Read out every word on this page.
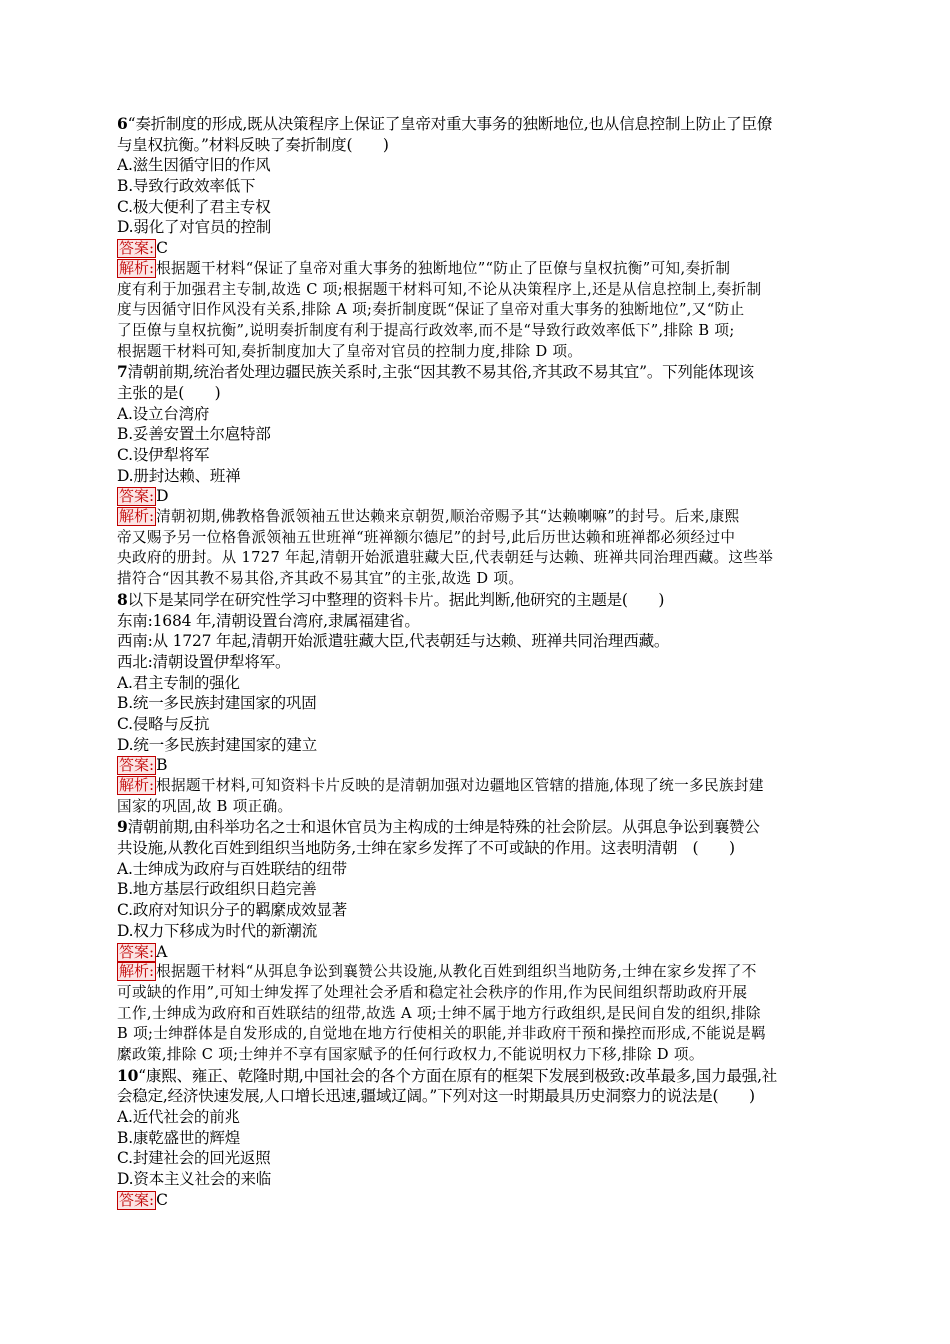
6“奏折制度的形成,既从决策程序上保证了皇帝对重大事务的独断地位,也从信息控制上防止了臣僚
与皇权抗衡。”材料反映了奏折制度(　　)
A.滋生因循守旧的作风
B.导致行政效率低下
C.极大便利了君主专权
D.弱化了对官员的控制
答案: C
解析: 根据题干材料“保证了皇帝对重大事务的独断地位”“防止了臣僚与皇权抗衡”可知,奏折制
度有利于加强君主专制,故选 C 项;根据题干材料可知,不论从决策程序上,还是从信息控制上,奏折制
度与因循守旧作风没有关系,排除 A 项;奏折制度既“保证了皇帝对重大事务的独断地位”,又“防止
了臣僚与皇权抗衡”,说明奏折制度有利于提高行政效率,而不是“导致行政效率低下”,排除 B 项;
根据题干材料可知,奏折制度加大了皇帝对官员的控制力度,排除 D 项。
7清朝前期,统治者处理边疆民族关系时,主张“因其教不易其俗,齐其政不易其宜”。下列能体现该
主张的是(　　)
A.设立台湾府
B.妥善安置土尔扈特部
C.设伊犁将军
D.册封达赖、班禅
答案: D
解析: 清朝初期,佛教格鲁派领袖五世达赖来京朝贺,顺治帝赐予其“达赖喇嘛”的封号。后来,康熙
帝又赐予另一位格鲁派领袖五世班禅“班禅额尔德尼”的封号,此后历世达赖和班禅都必须经过中
央政府的册封。从 1727 年起,清朝开始派遣驻藏大臣,代表朝廷与达赖、班禅共同治理西藏。这些举
措符合“因其教不易其俗,齐其政不易其宜”的主张,故选 D 项。
8以下是某同学在研究性学习中整理的资料卡片。据此判断,他研究的主题是(　　)
东南:1684 年,清朝设置台湾府,隶属福建省。
西南:从 1727 年起,清朝开始派遣驻藏大臣,代表朝廷与达赖、班禅共同治理西藏。
西北:清朝设置伊犁将军。
A.君主专制的强化
B.统一多民族封建国家的巩固
C.侵略与反抗
D.统一多民族封建国家的建立
答案: B
解析: 根据题干材料,可知资料卡片反映的是清朝加强对边疆地区管辖的措施,体现了统一多民族封建
国家的巩固,故 B 项正确。
9清朝前期,由科举功名之士和退休官员为主构成的士绅是特殊的社会阶层。从弭息争讼到襄赞公
共设施,从教化百姓到组织当地防务,士绅在家乡发挥了不可或缺的作用。这表明清朝　(　　)
A.士绅成为政府与百姓联结的纽带
B.地方基层行政组织日趋完善
C.政府对知识分子的羁縻成效显著
D.权力下移成为时代的新潮流
答案: A
解析: 根据题干材料“从弭息争讼到襄赞公共设施,从教化百姓到组织当地防务,士绅在家乡发挥了不
可或缺的作用”,可知士绅发挥了处理社会矛盾和稳定社会秩序的作用,作为民间组织帮助政府开展
工作,士绅成为政府和百姓联结的纽带,故选 A 项;士绅不属于地方行政组织,是民间自发的组织,排除
B 项;士绅群体是自发形成的,自觉地在地方行使相关的职能,并非政府干预和操控而形成,不能说是羁
縻政策,排除 C 项;士绅并不享有国家赋予的任何行政权力,不能说明权力下移,排除 D 项。
10“康熙、雍正、乾隆时期,中国社会的各个方面在原有的框架下发展到极致:改革最多,国力最强,社
会稳定,经济快速发展,人口增长迅速,疆域辽阔。”下列对这一时期最具历史洞察力的说法是(　　)
A.近代社会的前兆
B.康乾盛世的辉煌
C.封建社会的回光返照
D.资本主义社会的来临
答案: C
